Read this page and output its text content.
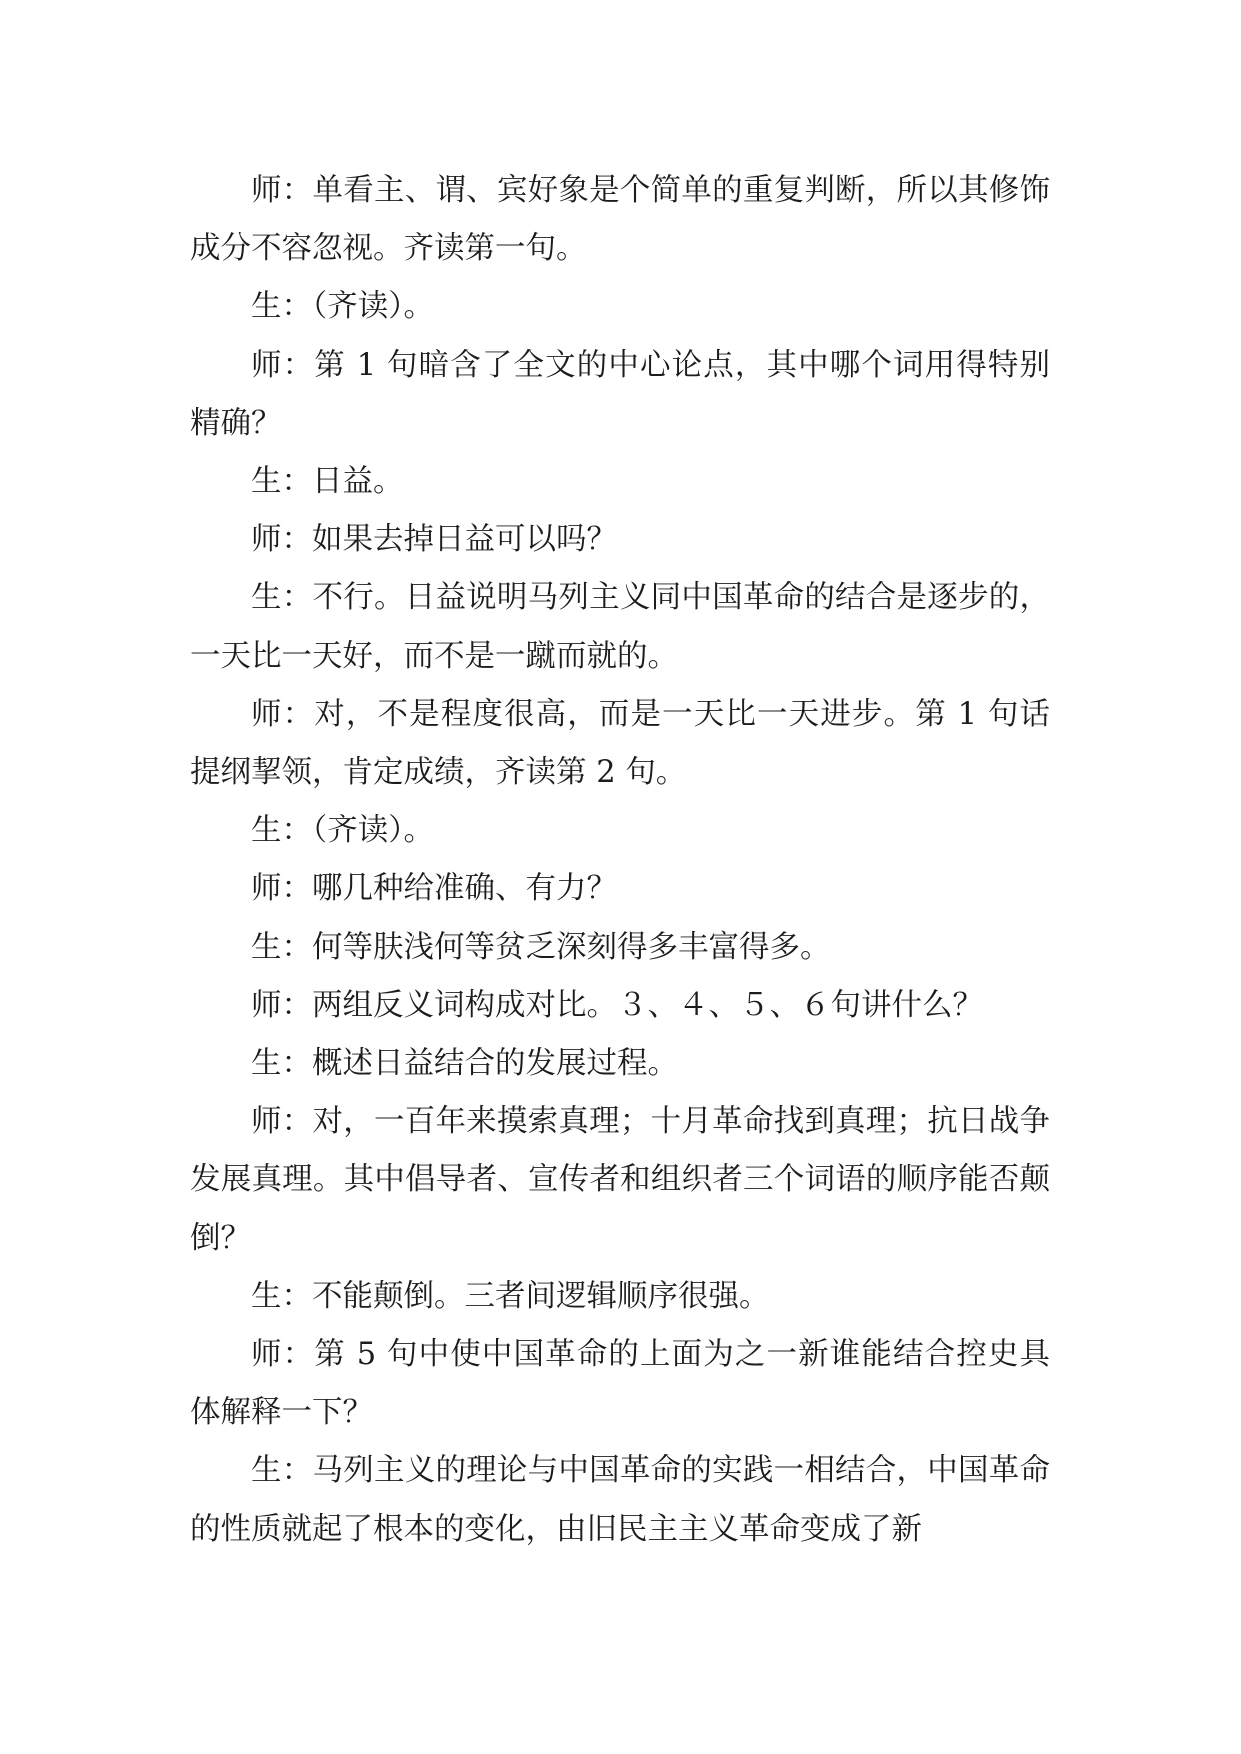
师：单看主、谓、宾好象是个简单的重复判断，所以其修饰成分不容忽视。齐读第一句。

生：（齐读）。

师：第 1 句暗含了全文的中心论点，其中哪个词用得特别精确？

生：日益。

师：如果去掉日益可以吗？

生：不行。日益说明马列主义同中国革命的结合是逐步的，一天比一天好，而不是一蹴而就的。

师：对，不是程度很高，而是一天比一天进步。第 1 句话提纲挈领，肯定成绩，齐读第 2 句。

生：（齐读）。

师：哪几种给准确、有力？

生：何等肤浅何等贫乏深刻得多丰富得多。

师：两组反义词构成对比。３、４、５、６句讲什么？

生：概述日益结合的发展过程。

师：对，一百年来摸索真理；十月革命找到真理；抗日战争发展真理。其中倡导者、宣传者和组织者三个词语的顺序能否颠倒？

生：不能颠倒。三者间逻辑顺序很强。

师：第 5 句中使中国革命的上面为之一新谁能结合控史具体解释一下？

生：马列主义的理论与中国革命的实践一相结合，中国革命的性质就起了根本的变化，由旧民主主义革命变成了新
